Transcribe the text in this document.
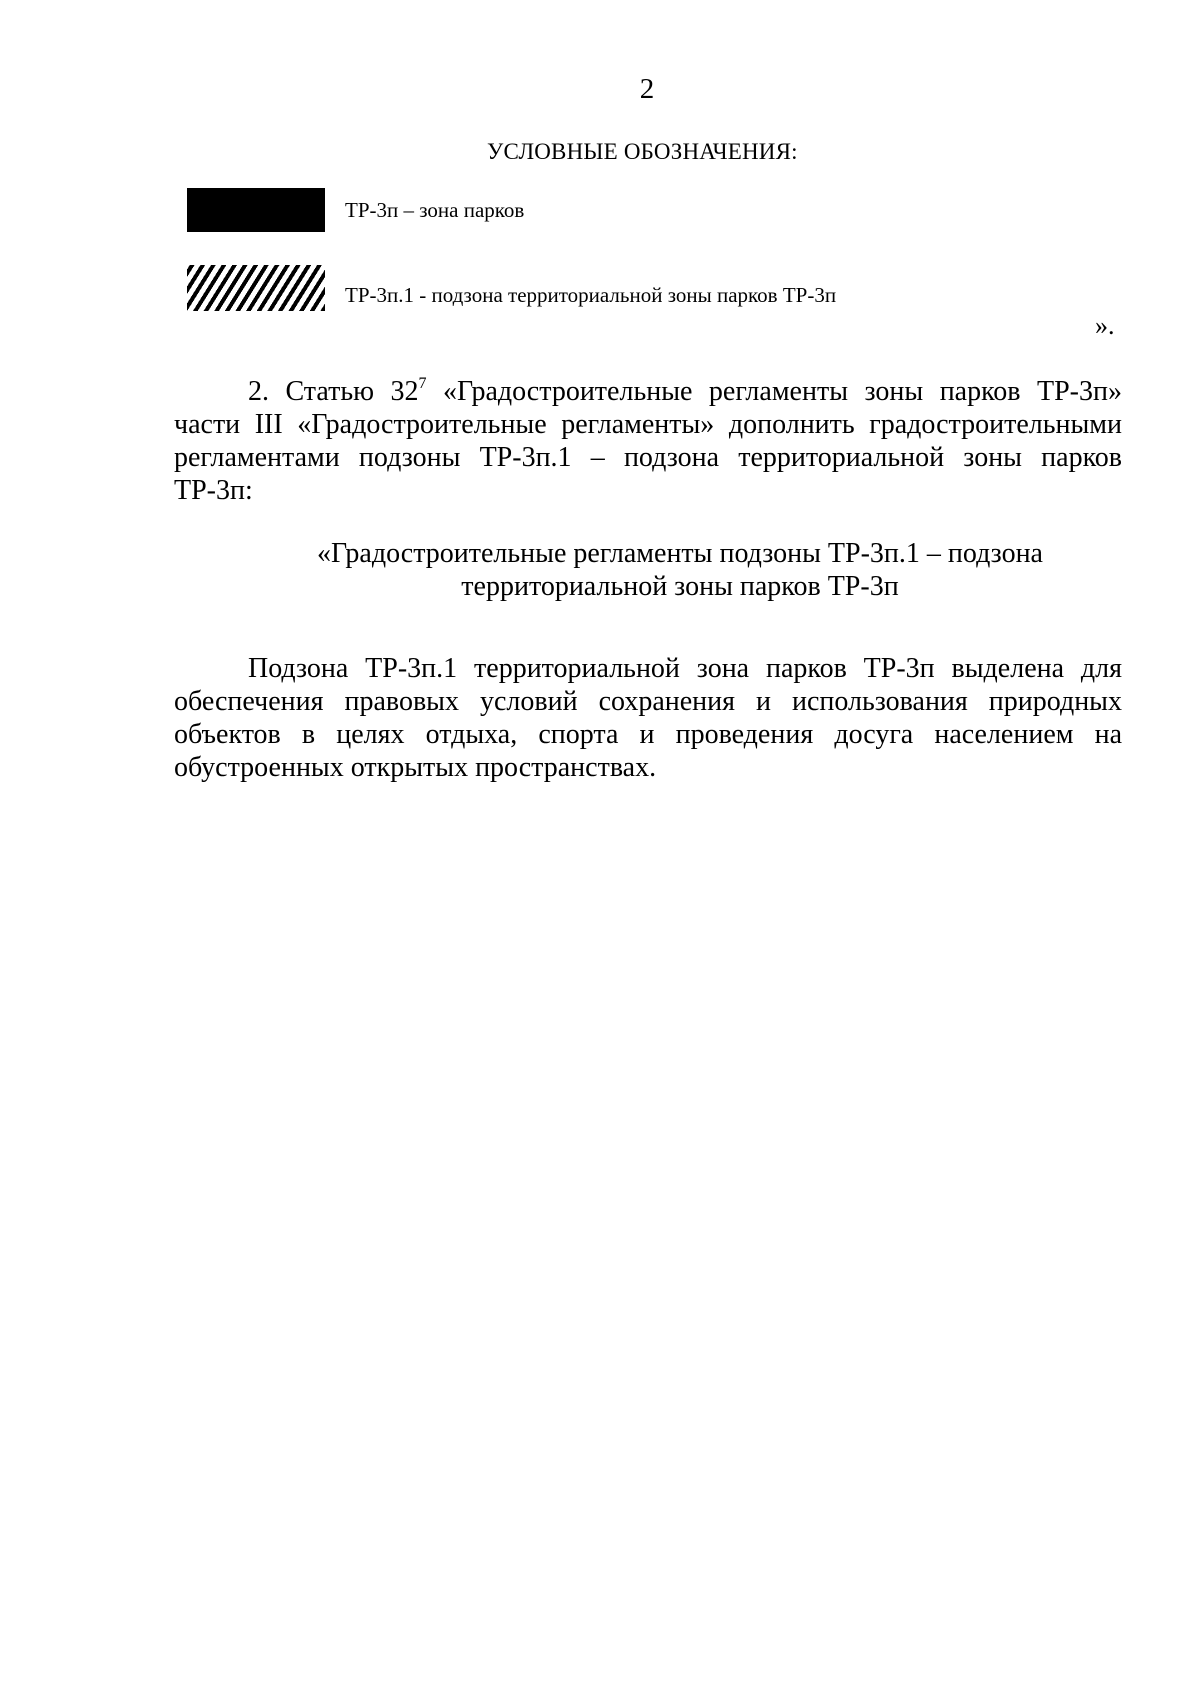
2
УСЛОВНЫЕ ОБОЗНАЧЕНИЯ:
ТР-3п – зона парков
ТР-3п.1 - подзона территориальной зоны парков ТР-3п
».

2. Статью $32^7$ «Градостроительные регламенты зоны парков ТР-3п» части III «Градостроительные регламенты» дополнить градостроительными регламентами подзоны ТР-3п.1 – подзона территориальной зоны парков ТР-3п:

«Градостроительные регламенты подзоны ТР-3п.1 – подзона
территориальной зоны парков ТР-3п

Подзона ТР-3п.1 территориальной зона парков ТР-3п выделена для обеспечения правовых условий сохранения и использования природных объектов в целях отдыха, спорта и проведения досуга населением на обустроенных открытых пространствах.
